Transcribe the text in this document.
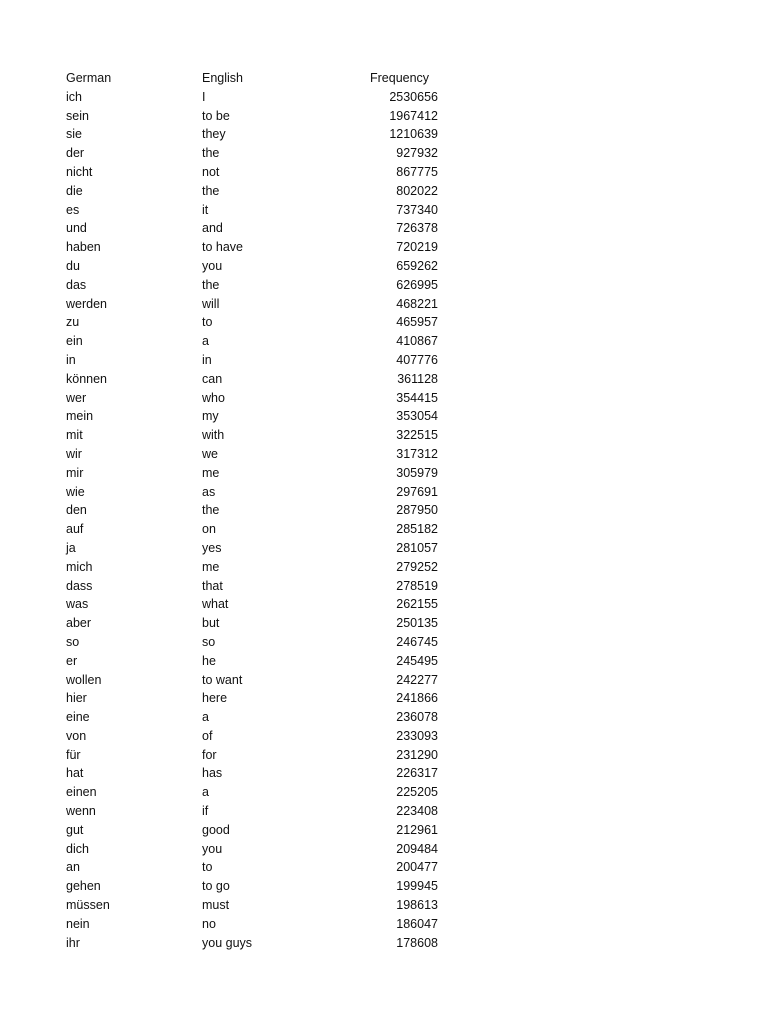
German	English	Frequency
ich	I	2530656
sein	to be	1967412
sie	they	1210639
der	the	927932
nicht	not	867775
die	the	802022
es	it	737340
und	and	726378
haben	to have	720219
du	you	659262
das	the	626995
werden	will	468221
zu	to	465957
ein	a	410867
in	in	407776
können	can	361128
wer	who	354415
mein	my	353054
mit	with	322515
wir	we	317312
mir	me	305979
wie	as	297691
den	the	287950
auf	on	285182
ja	yes	281057
mich	me	279252
dass	that	278519
was	what	262155
aber	but	250135
so	so	246745
er	he	245495
wollen	to want	242277
hier	here	241866
eine	a	236078
von	of	233093
für	for	231290
hat	has	226317
einen	a	225205
wenn	if	223408
gut	good	212961
dich	you	209484
an	to	200477
gehen	to go	199945
müssen	must	198613
nein	no	186047
ihr	you guys	178608
